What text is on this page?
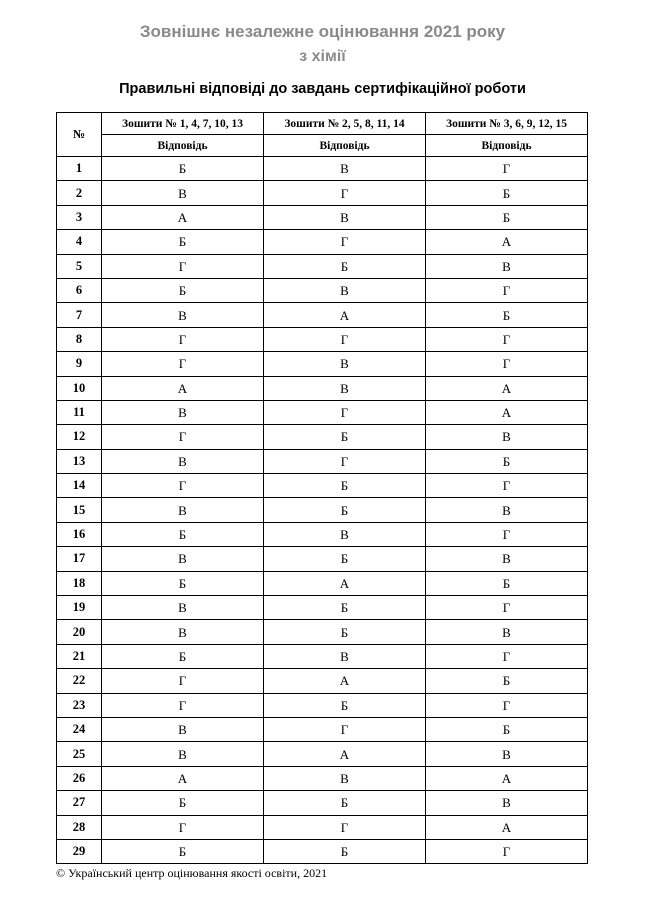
Зовнішнє незалежне оцінювання 2021 року
з хімії
Правильні відповіді до завдань сертифікаційної роботи
№	Зошити № 1, 4, 7, 10, 13	Зошити № 2, 5, 8, 11, 14	Зошити № 3, 6, 9, 12, 15
	Відповідь	Відповідь	Відповідь
1	Б	В	Г
2	В	Г	Б
3	А	В	Б
4	Б	Г	А
5	Г	Б	В
6	Б	В	Г
7	В	А	Б
8	Г	Г	Г
9	Г	В	Г
10	А	В	А
11	В	Г	А
12	Г	Б	В
13	В	Г	Б
14	Г	Б	Г
15	В	Б	В
16	Б	В	Г
17	В	Б	В
18	Б	А	Б
19	В	Б	Г
20	В	Б	В
21	Б	В	Г
22	Г	А	Б
23	Г	Б	Г
24	В	Г	Б
25	В	А	В
26	А	В	А
27	Б	Б	В
28	Г	Г	А
29	Б	Б	Г
© Український центр оцінювання якості освіти, 2021
